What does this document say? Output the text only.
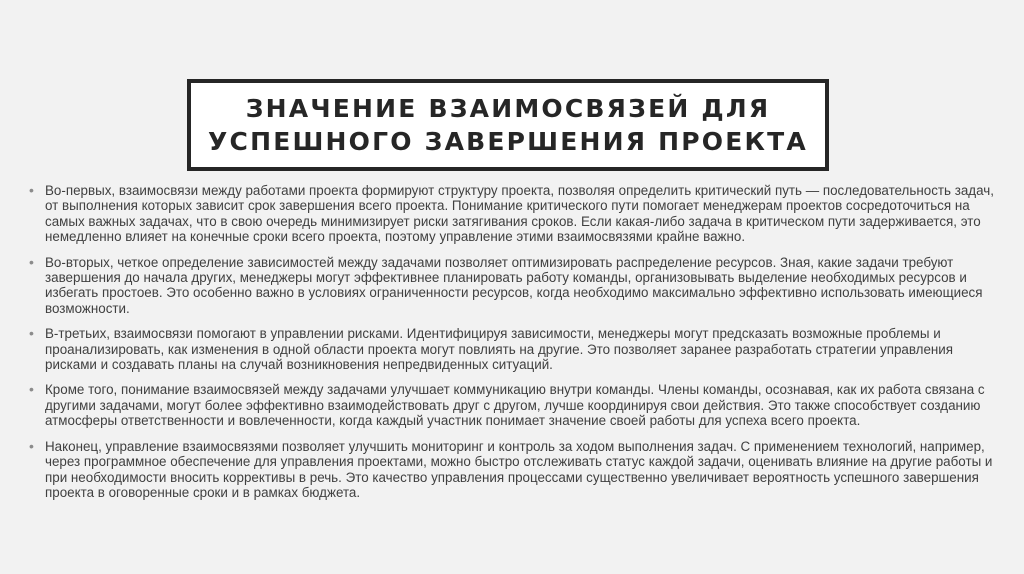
ЗНАЧЕНИЕ ВЗАИМОСВЯЗЕЙ ДЛЯ
УСПЕШНОГО ЗАВЕРШЕНИЯ ПРОЕКТА
• Во-первых, взаимосвязи между работами проекта формируют структуру проекта, позволяя определить критический путь — последовательность задач, от выполнения которых зависит срок завершения всего проекта. Понимание критического пути помогает менеджерам проектов сосредоточиться на самых важных задачах, что в свою очередь минимизирует риски затягивания сроков. Если какая-либо задача в критическом пути задерживается, это немедленно влияет на конечные сроки всего проекта, поэтому управление этими взаимосвязями крайне важно.
• Во-вторых, четкое определение зависимостей между задачами позволяет оптимизировать распределение ресурсов. Зная, какие задачи требуют завершения до начала других, менеджеры могут эффективнее планировать работу команды, организовывать выделение необходимых ресурсов и избегать простоев. Это особенно важно в условиях ограниченности ресурсов, когда необходимо максимально эффективно использовать имеющиеся возможности.
• В-третьих, взаимосвязи помогают в управлении рисками. Идентифицируя зависимости, менеджеры могут предсказать возможные проблемы и проанализировать, как изменения в одной области проекта могут повлиять на другие. Это позволяет заранее разработать стратегии управления рисками и создавать планы на случай возникновения непредвиденных ситуаций.
• Кроме того, понимание взаимосвязей между задачами улучшает коммуникацию внутри команды. Члены команды, осознавая, как их работа связана с другими задачами, могут более эффективно взаимодействовать друг с другом, лучше координируя свои действия. Это также способствует созданию атмосферы ответственности и вовлеченности, когда каждый участник понимает значение своей работы для успеха всего проекта.
• Наконец, управление взаимосвязями позволяет улучшить мониторинг и контроль за ходом выполнения задач. С применением технологий, например, через программное обеспечение для управления проектами, можно быстро отслеживать статус каждой задачи, оценивать влияние на другие работы и при необходимости вносить коррективы в речь. Это качество управления процессами существенно увеличивает вероятность успешного завершения проекта в оговоренные сроки и в рамках бюджета.
